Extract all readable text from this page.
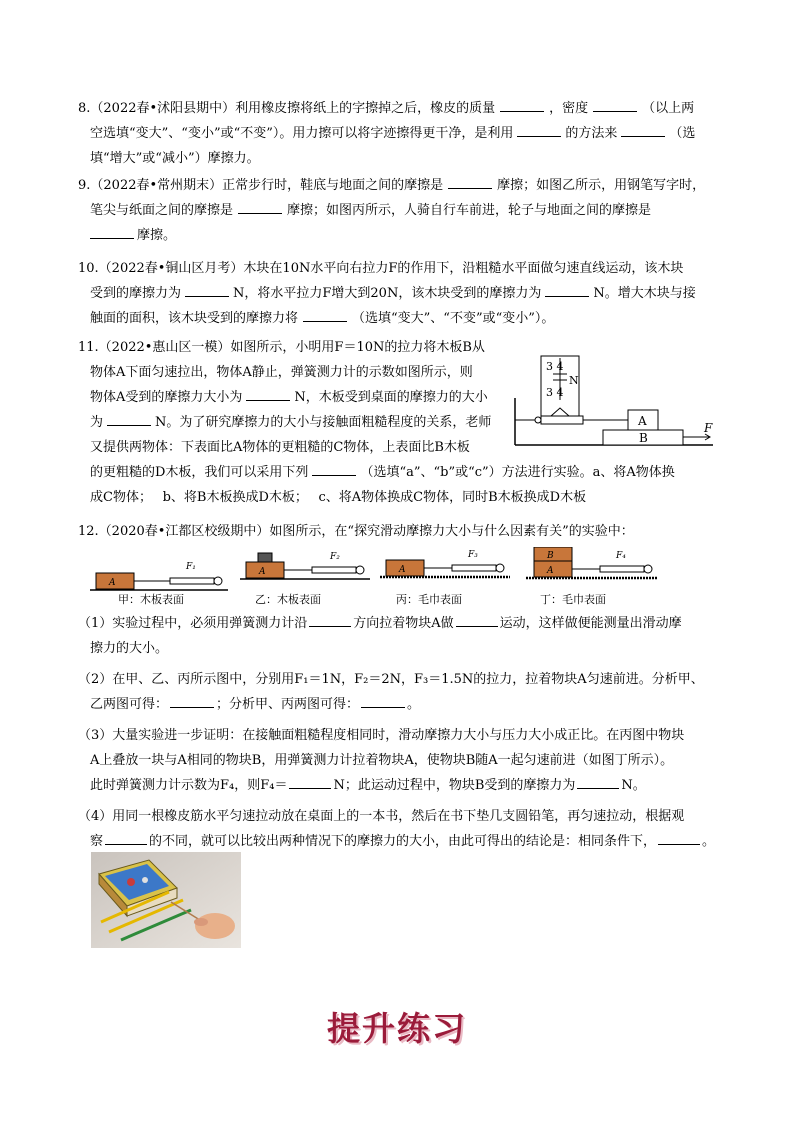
8.（2022春•沭阳县期中）利用橡皮擦将纸上的字擦掉之后，橡皮的质量	，密度	（以上两

空选填“变大”、“变小”或“不变”）。用力擦可以将字迹擦得更干净，是利用	的方法来	（选

填“增大”或“减小”）摩擦力。

9.（2022春•常州期末）正常步行时，鞋底与地面之间的摩擦是	摩擦；如图乙所示，用钢笔写字时，

笔尖与纸面之间的摩擦是	摩擦；如图丙所示，人骑自行车前进，轮子与地面之间的摩擦是

摩擦。

10.（2022春•铜山区月考）木块在10N水平向右拉力F的作用下，沿粗糙水平面做匀速直线运动，该木块

受到的摩擦力为	N，将水平拉力F增大到20N，该木块受到的摩擦力为	N。增大木块与接

触面的面积，该木块受到的摩擦力将	（选填“变大”、“不变”或“变小”）。

11.（2022•惠山区一模）如图所示，小明用F＝10N的拉力将木板B从

物体A下面匀速拉出，物体A静止，弹簧测力计的示数如图所示，则

物体A受到的摩擦力大小为	N，木板受到桌面的摩擦力的大小

为	N。为了研究摩擦力的大小与接触面粗糙程度的关系，老师

又提供两物体：下表面比A物体的更粗糙的C物体，上表面比B木板

的更粗糙的D木板，我们可以采用下列	（选填“a”、“b”或“c”）方法进行实验。a、将A物体换

成C物体；　 b、将B木板换成D木板；　 c、将A物体换成C物体，同时B木板换成D木板

3 4
3 4
N
A
B
F

12.（2020春•江都区校级期中）如图所示，在“探究滑动摩擦力大小与什么因素有关”的实验中：

A
F₁	A
F₂
A
F₃	B
A
F₄
甲：木板表面	乙：木板表面	丙：毛巾表面	丁：毛巾表面

（1）实验过程中，必须用弹簧测力计沿	方向拉着物块A做	运动，这样做便能测量出滑动摩

擦力的大小。

（2）在甲、乙、丙所示图中，分别用F₁＝1N，F₂＝2N，F₃＝1.5N的拉力，拉着物块A匀速前进。分析甲、

乙两图可得：	；分析甲、丙两图可得：	。

（3）大量实验进一步证明：在接触面粗糙程度相同时，滑动摩擦力大小与压力大小成正比。在丙图中物块

A上叠放一块与A相同的物块B，用弹簧测力计拉着物块A，使物块B随A一起匀速前进（如图丁所示）。

此时弹簧测力计示数为F₄，则F₄＝	N；此运动过程中，物块B受到的摩擦力为	N。

（4）用同一根橡皮筋水平匀速拉动放在桌面上的一本书，然后在书下垫几支圆铅笔，再匀速拉动，根据观

察	的不同，就可以比较出两种情况下的摩擦力的大小，由此可得出的结论是：相同条件下，	。

提升练习
